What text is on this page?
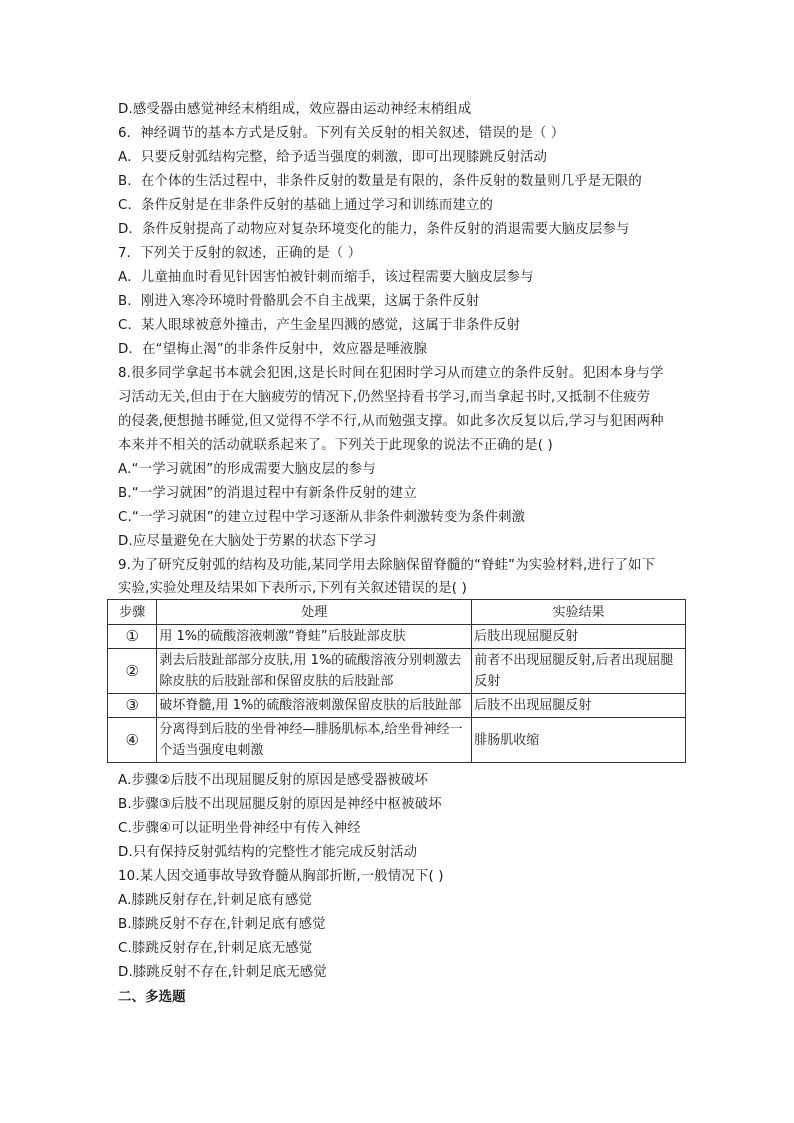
D.感受器由感觉神经末梢组成，效应器由运动神经末梢组成
6．神经调节的基本方式是反射。下列有关反射的相关叙述，错误的是（ ）
A．只要反射弧结构完整，给予适当强度的刺激，即可出现膝跳反射活动
B．在个体的生活过程中，非条件反射的数量是有限的，条件反射的数量则几乎是无限的
C．条件反射是在非条件反射的基础上通过学习和训练而建立的
D．条件反射提高了动物应对复杂环境变化的能力，条件反射的消退需要大脑皮层参与
7．下列关于反射的叙述，正确的是（ ）
A．儿童抽血时看见针因害怕被针刺而缩手，该过程需要大脑皮层参与
B．刚进入寒冷环境时骨骼肌会不自主战栗，这属于条件反射
C．某人眼球被意外撞击，产生金星四溅的感觉，这属于非条件反射
D．在“望梅止渴”的非条件反射中，效应器是唾液腺
8.很多同学拿起书本就会犯困,这是长时间在犯困时学习从而建立的条件反射。犯困本身与学
习活动无关,但由于在大脑疲劳的情况下,仍然坚持看书学习,而当拿起书时,又抵制不住疲劳
的侵袭,便想抛书睡觉,但又觉得不学不行,从而勉强支撑。如此多次反复以后,学习与犯困两种
本来并不相关的活动就联系起来了。下列关于此现象的说法不正确的是( )
A.“一学习就困”的形成需要大脑皮层的参与
B.“一学习就困”的消退过程中有新条件反射的建立
C.“一学习就困”的建立过程中学习逐渐从非条件刺激转变为条件刺激
D.应尽量避免在大脑处于劳累的状态下学习
9.为了研究反射弧的结构及功能,某同学用去除脑保留脊髓的“脊蛙”为实验材料,进行了如下
实验,实验处理及结果如下表所示,下列有关叙述错误的是( )
步骤	处理	实验结果
①	用 1%的硫酸溶液刺激“脊蛙”后肢趾部皮肤	后肢出现屈腿反射
②	剥去后肢趾部部分皮肤,用 1%的硫酸溶液分别刺激去除皮肤的后肢趾部和保留皮肤的后肢趾部	前者不出现屈腿反射,后者出现屈腿反射
③	破坏脊髓,用 1%的硫酸溶液刺激保留皮肤的后肢趾部	后肢不出现屈腿反射
④	分离得到后肢的坐骨神经—腓肠肌标本,给坐骨神经一个适当强度电刺激	腓肠肌收缩
A.步骤②后肢不出现屈腿反射的原因是感受器被破坏
B.步骤③后肢不出现屈腿反射的原因是神经中枢被破坏
C.步骤④可以证明坐骨神经中有传入神经
D.只有保持反射弧结构的完整性才能完成反射活动
10.某人因交通事故导致脊髓从胸部折断,一般情况下( )
A.膝跳反射存在,针刺足底有感觉
B.膝跳反射不存在,针刺足底有感觉
C.膝跳反射存在,针刺足底无感觉
D.膝跳反射不存在,针刺足底无感觉
二、多选题
